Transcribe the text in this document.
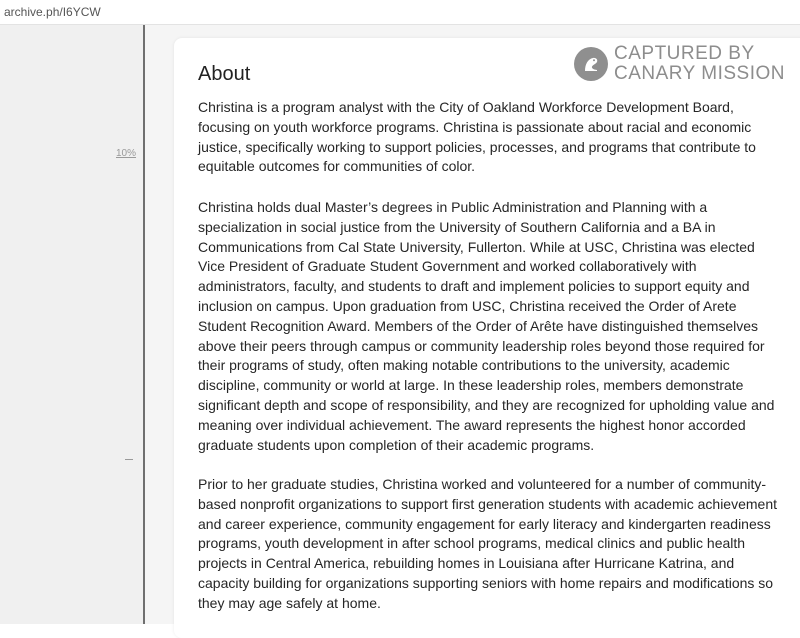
archive.ph/I6YCW
10%
CAPTURED BY
CANARY MISSION
About

Christina is a program analyst with the City of Oakland Workforce Development Board, focusing on youth workforce programs. Christina is passionate about racial and economic justice, specifically working to support policies, processes, and programs that contribute to equitable outcomes for communities of color.

Christina holds dual Master’s degrees in Public Administration and Planning with a specialization in social justice from the University of Southern California and a BA in Communications from Cal State University, Fullerton. While at USC, Christina was elected Vice President of Graduate Student Government and worked collaboratively with administrators, faculty, and students to draft and implement policies to support equity and inclusion on campus. Upon graduation from USC, Christina received the Order of Arete Student Recognition Award. Members of the Order of Arête have distinguished themselves above their peers through campus or community leadership roles beyond those required for their programs of study, often making notable contributions to the university, academic discipline, community or world at large. In these leadership roles, members demonstrate significant depth and scope of responsibility, and they are recognized for upholding value and meaning over individual achievement. The award represents the highest honor accorded graduate students upon completion of their academic programs.

Prior to her graduate studies, Christina worked and volunteered for a number of community-based nonprofit organizations to support first generation students with academic achievement and career experience, community engagement for early literacy and kindergarten readiness programs, youth development in after school programs, medical clinics and public health projects in Central America, rebuilding homes in Louisiana after Hurricane Katrina, and capacity building for organizations supporting seniors with home repairs and modifications so they may age safely at home.
